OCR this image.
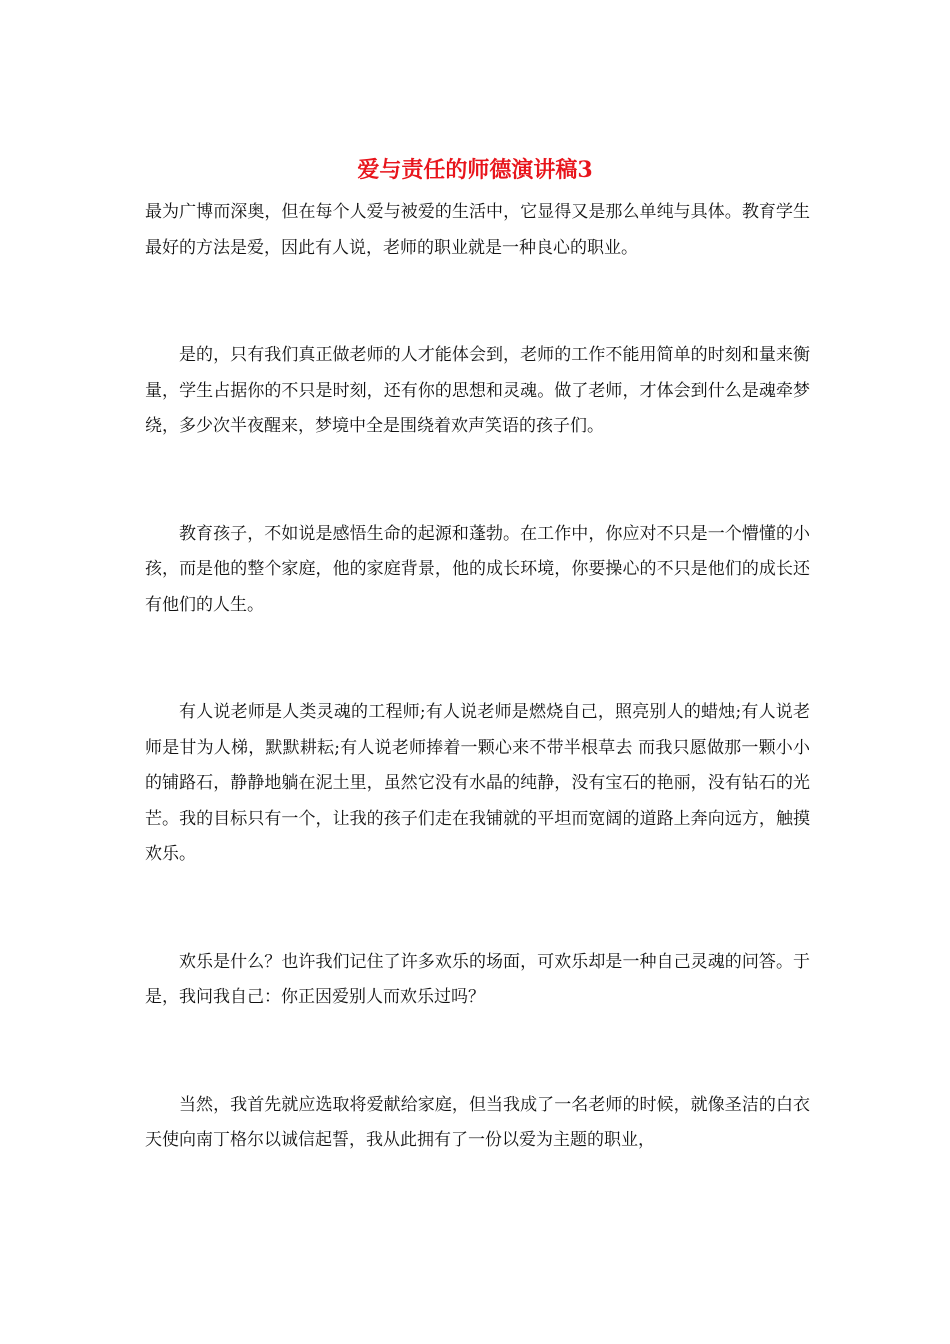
爱与责任的师德演讲稿3

最为广博而深奥，但在每个人爱与被爱的生活中，它显得又是那么单纯与具体。教育学生最好的方法是爱，因此有人说，老师的职业就是一种良心的职业。

是的，只有我们真正做老师的人才能体会到，老师的工作不能用简单的时刻和量来衡量，学生占据你的不只是时刻，还有你的思想和灵魂。做了老师，才体会到什么是魂牵梦绕，多少次半夜醒来，梦境中全是围绕着欢声笑语的孩子们。

教育孩子，不如说是感悟生命的起源和蓬勃。在工作中，你应对不只是一个懵懂的小孩，而是他的整个家庭，他的家庭背景，他的成长环境，你要操心的不只是他们的成长还有他们的人生。

有人说老师是人类灵魂的工程师;有人说老师是燃烧自己，照亮别人的蜡烛;有人说老师是甘为人梯，默默耕耘;有人说老师捧着一颗心来不带半根草去 而我只愿做那一颗小小的铺路石，静静地躺在泥土里，虽然它没有水晶的纯静，没有宝石的艳丽，没有钻石的光芒。我的目标只有一个，让我的孩子们走在我铺就的平坦而宽阔的道路上奔向远方，触摸欢乐。

欢乐是什么？也许我们记住了许多欢乐的场面，可欢乐却是一种自己灵魂的问答。于是，我问我自己：你正因爱别人而欢乐过吗？

当然，我首先就应选取将爱献给家庭，但当我成了一名老师的时候，就像圣洁的白衣天使向南丁格尔以诚信起誓，我从此拥有了一份以爱为主题的职业，
